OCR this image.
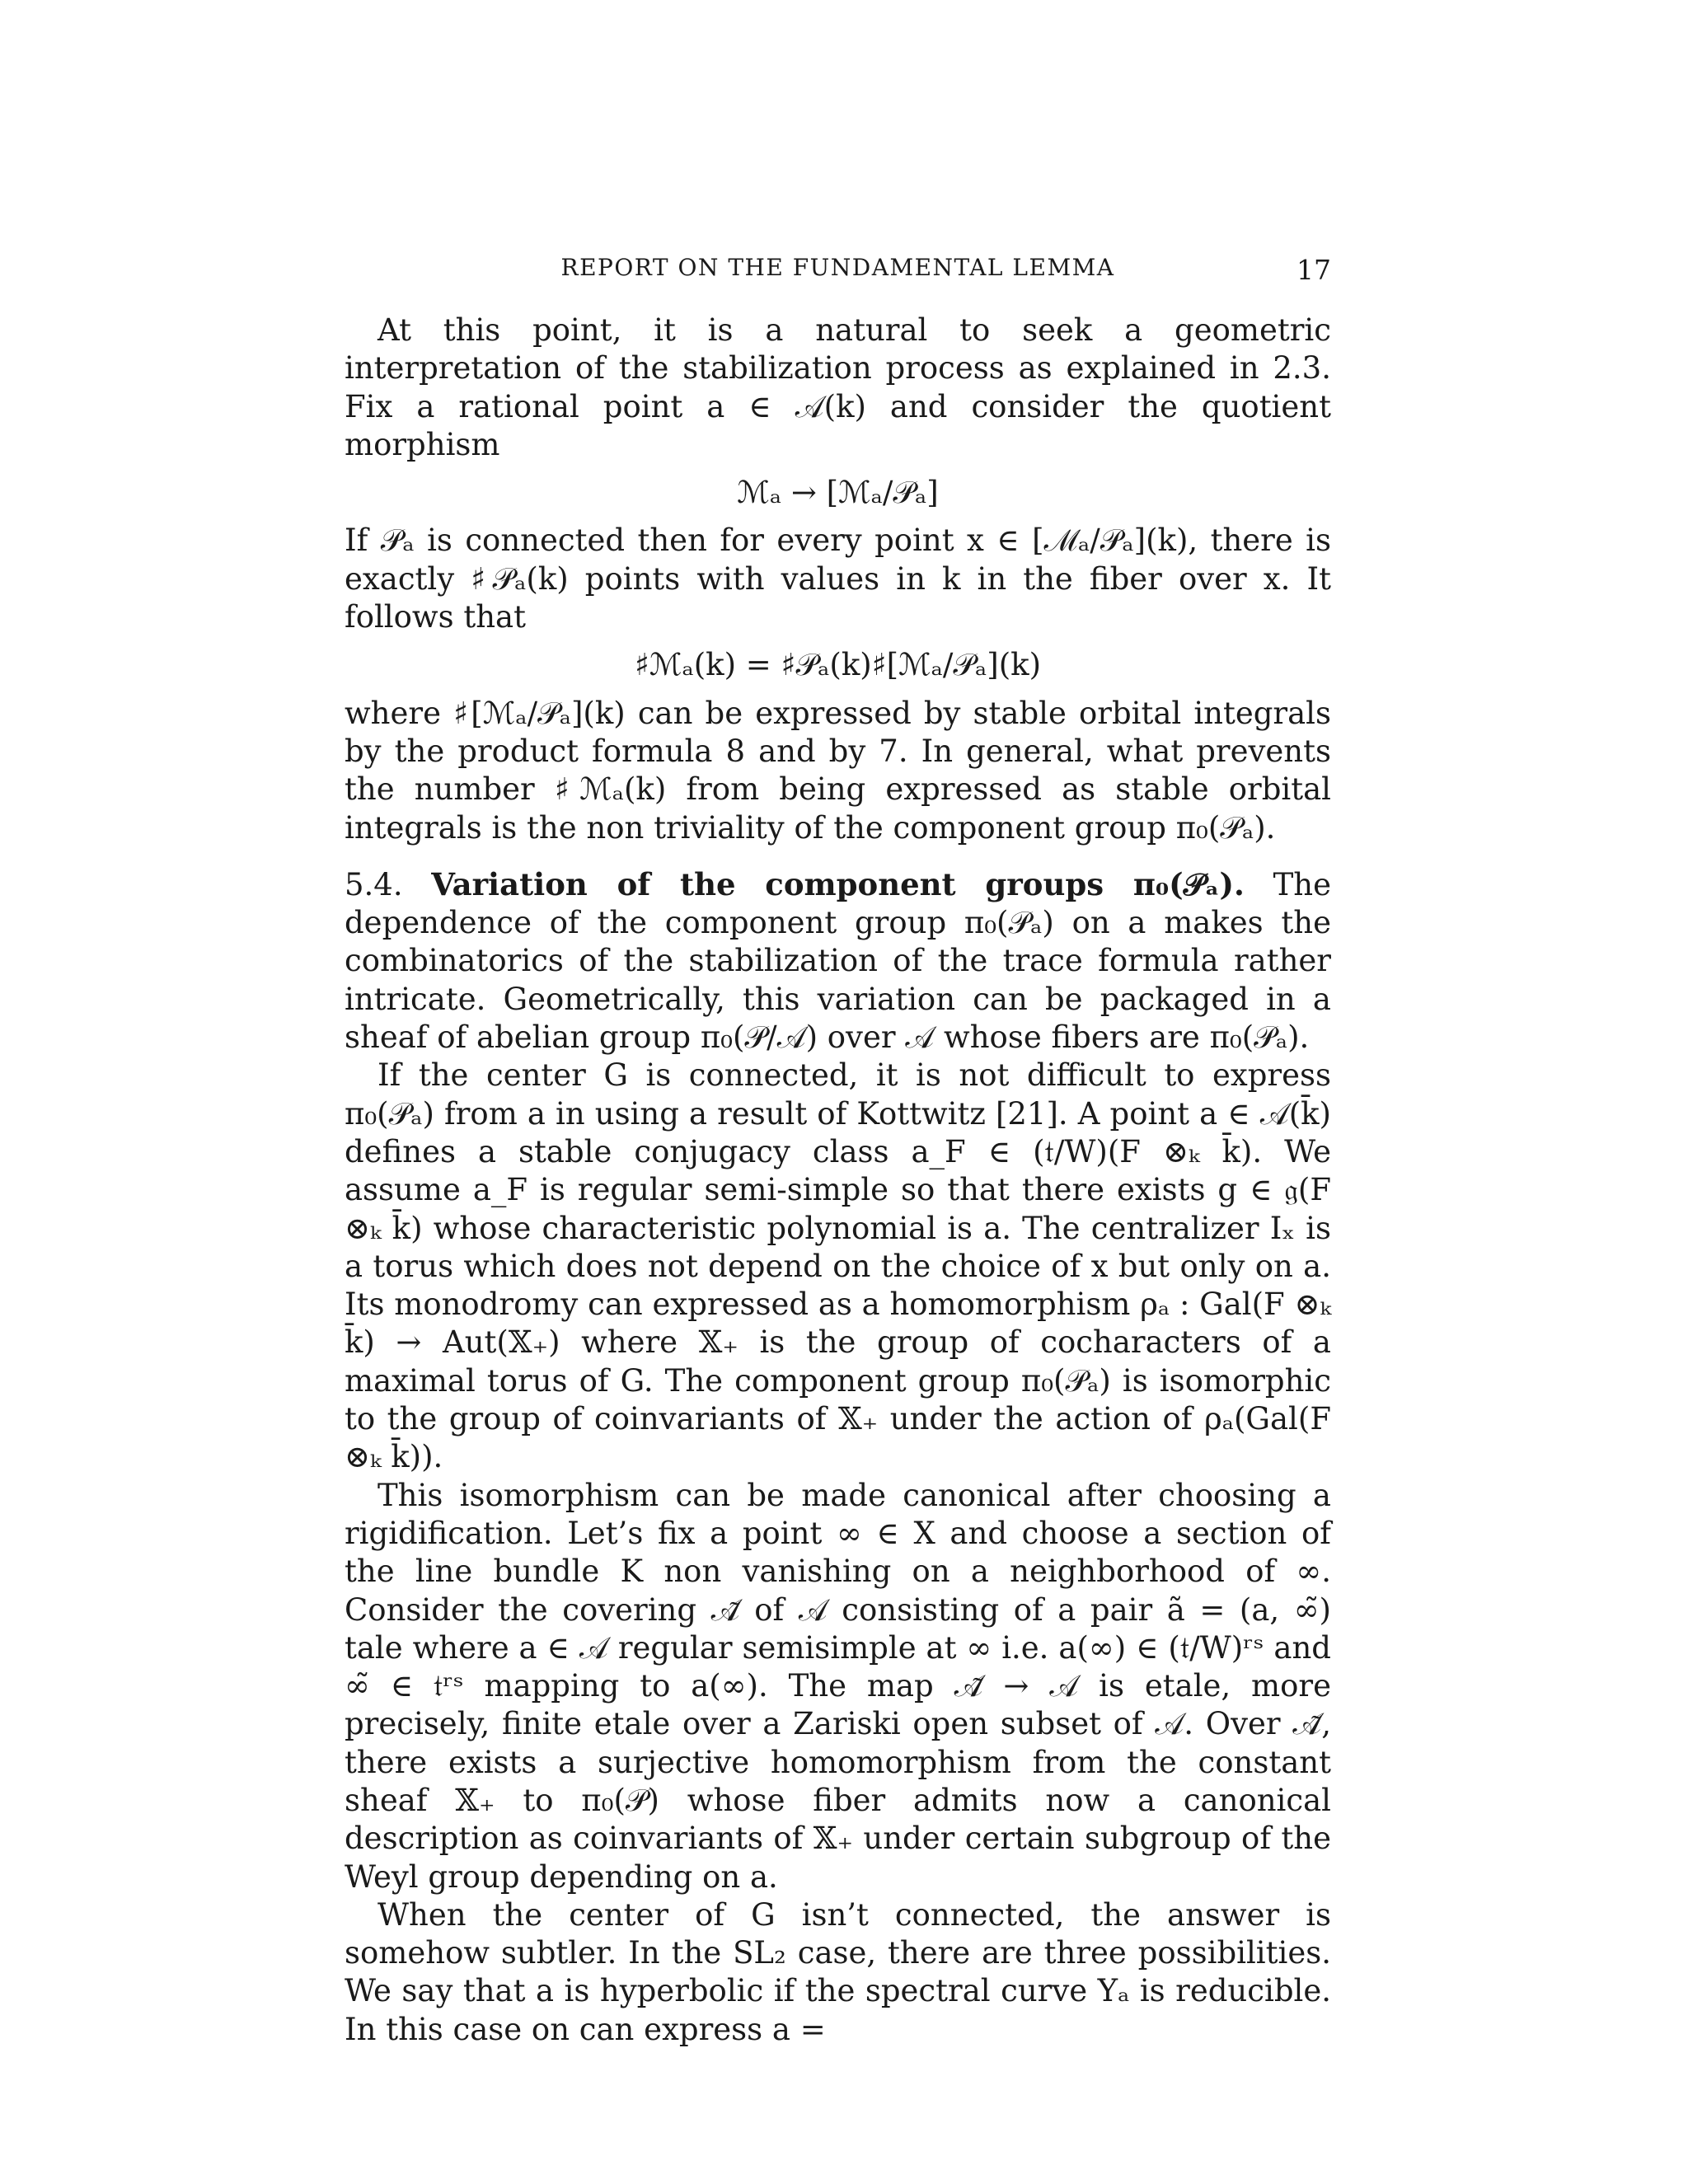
REPORT ON THE FUNDAMENTAL LEMMA	17

At this point, it is a natural to seek a geometric interpretation of the stabilization process as explained in 2.3. Fix a rational point a ∈ 𝒜(k) and consider the quotient morphism

ℳₐ → [ℳₐ/𝒫ₐ]

If 𝒫ₐ is connected then for every point x ∈ [ℳₐ/𝒫ₐ](k), there is exactly ♯𝒫ₐ(k) points with values in k in the fiber over x. It follows that

♯ℳₐ(k) = ♯𝒫ₐ(k)♯[ℳₐ/𝒫ₐ](k)

where ♯[ℳₐ/𝒫ₐ](k) can be expressed by stable orbital integrals by the product formula 8 and by 7. In general, what prevents the number ♯ℳₐ(k) from being expressed as stable orbital integrals is the non triviality of the component group π₀(𝒫ₐ).

5.4. Variation of the component groups π₀(𝒫ₐ). The dependence of the component group π₀(𝒫ₐ) on a makes the combinatorics of the stabilization of the trace formula rather intricate. Geometrically, this variation can be packaged in a sheaf of abelian group π₀(𝒫/𝒜) over 𝒜 whose fibers are π₀(𝒫ₐ).

If the center G is connected, it is not difficult to express π₀(𝒫ₐ) from a in using a result of Kottwitz [21]. A point a ∈ 𝒜(k̄) defines a stable conjugacy class a_F ∈ (𝔱/W)(F ⊗ₖ k̄). We assume a_F is regular semi-simple so that there exists g ∈ 𝔤(F ⊗ₖ k̄) whose characteristic polynomial is a. The centralizer Iₓ is a torus which does not depend on the choice of x but only on a. Its monodromy can expressed as a homomorphism ρₐ : Gal(F ⊗ₖ k̄) → Aut(𝕏₊) where 𝕏₊ is the group of cocharacters of a maximal torus of G. The component group π₀(𝒫ₐ) is isomorphic to the group of coinvariants of 𝕏₊ under the action of ρₐ(Gal(F ⊗ₖ k̄)).

This isomorphism can be made canonical after choosing a rigidification. Let’s fix a point ∞ ∈ X and choose a section of the line bundle K non vanishing on a neighborhood of ∞. Consider the covering 𝒜̃ of 𝒜 consisting of a pair ã = (a, ∞̃) tale where a ∈ 𝒜 regular semisimple at ∞ i.e. a(∞) ∈ (𝔱/W)ʳˢ and ∞̃ ∈ 𝔱ʳˢ mapping to a(∞). The map 𝒜̃ → 𝒜 is etale, more precisely, finite etale over a Zariski open subset of 𝒜. Over 𝒜̃, there exists a surjective homomorphism from the constant sheaf 𝕏₊ to π₀(𝒫) whose fiber admits now a canonical description as coinvariants of 𝕏₊ under certain subgroup of the Weyl group depending on a.

When the center of G isn’t connected, the answer is somehow subtler. In the SL₂ case, there are three possibilities. We say that a is hyperbolic if the spectral curve Yₐ is reducible. In this case on can express a =
